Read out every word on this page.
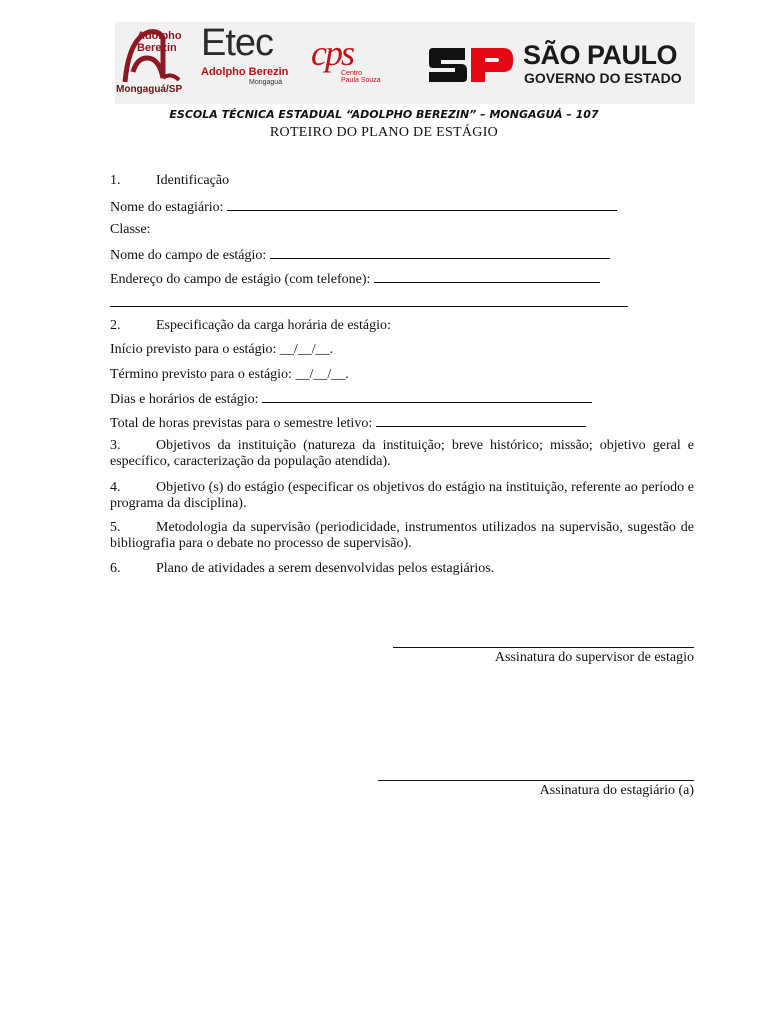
Adolpho
Berezin
Mongaguá/SP
Etec
Adolpho Berezin
Mongaguá
cps
Centro
Paula Souza
SÃO PAULO
GOVERNO DO ESTADO
ESCOLA TÉCNICA ESTADUAL “ADOLPHO BEREZIN” – MONGAGUÁ – 107
ROTEIRO DO PLANO DE ESTÁGIO
1.	Identificação
Nome do estagiário:
Classe:
Nome do campo de estágio:
Endereço do campo de estágio (com telefone):
2.	Especificação da carga horária de estágio:
Início previsto para o estágio: __/__/__.
Término previsto para o estágio: __/__/__.
Dias e horários de estágio:
Total de horas previstas para o semestre letivo:
3.	Objetivos da instituição (natureza da instituição; breve histórico; missão; objetivo geral e específico, caracterização da população atendida).
4.	Objetivo (s) do estágio (especificar os objetivos do estágio na instituição, referente ao período e programa da disciplina).
5.	Metodologia da supervisão (periodicidade, instrumentos utilizados na supervisão, sugestão de bibliografia para o debate no processo de supervisão).
6.	Plano de atividades a serem desenvolvidas pelos estagiários.
Assinatura do supervisor de estagio
Assinatura do estagiário (a)
